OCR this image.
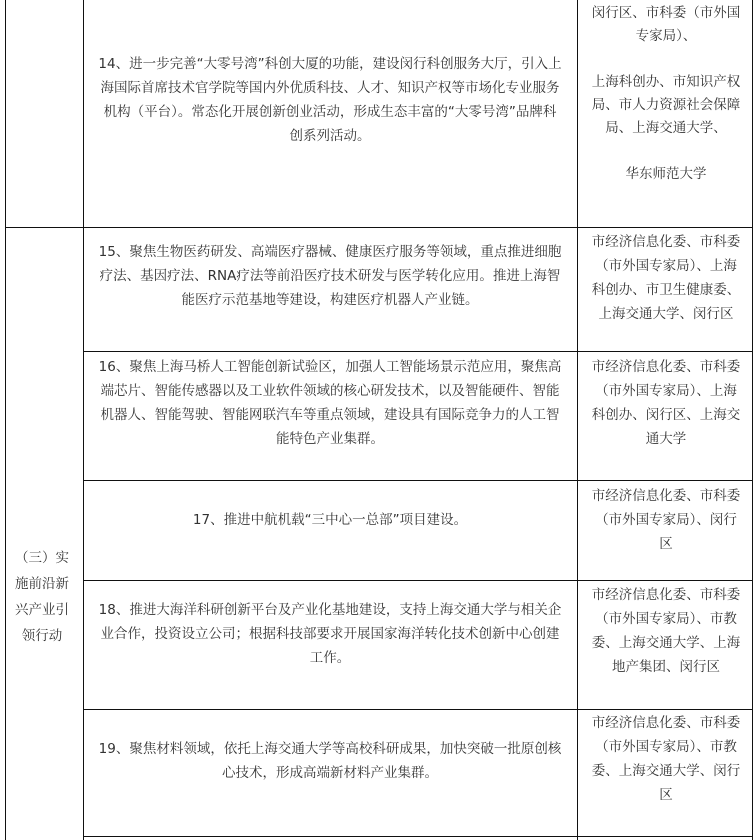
（三）实
施前沿新
兴产业引
领行动
14、进一步完善“大零号湾”科创大厦的功能，建设闵行科创服务大厅，引入上
海国际首席技术官学院等国内外优质科技、人才、知识产权等市场化专业服务
机构（平台）。常态化开展创新创业活动，形成生态丰富的“大零号湾”品牌科
创系列活动。
闵行区、市科委（市外国
专家局）、
上海科创办、市知识产权
局、市人力资源社会保障
局、上海交通大学、
华东师范大学
15、聚焦生物医药研发、高端医疗器械、健康医疗服务等领域，重点推进细胞
疗法、基因疗法、RNA疗法等前沿医疗技术研发与医学转化应用。推进上海智
能医疗示范基地等建设，构建医疗机器人产业链。
市经济信息化委、市科委
（市外国专家局）、上海
科创办、市卫生健康委、
上海交通大学、闵行区
16、聚焦上海马桥人工智能创新试验区，加强人工智能场景示范应用，聚焦高
端芯片、智能传感器以及工业软件领域的核心研发技术，以及智能硬件、智能
机器人、智能驾驶、智能网联汽车等重点领域，建设具有国际竞争力的人工智
能特色产业集群。
市经济信息化委、市科委
（市外国专家局）、上海
科创办、闵行区、上海交
通大学
17、推进中航机载“三中心一总部”项目建设。
市经济信息化委、市科委
（市外国专家局）、闵行
区
18、推进大海洋科研创新平台及产业化基地建设，支持上海交通大学与相关企
业合作，投资设立公司；根据科技部要求开展国家海洋转化技术创新中心创建
工作。
市经济信息化委、市科委
（市外国专家局）、市教
委、上海交通大学、上海
地产集团、闵行区
19、聚焦材料领域，依托上海交通大学等高校科研成果，加快突破一批原创核
心技术，形成高端新材料产业集群。
市经济信息化委、市科委
（市外国专家局）、市教
委、上海交通大学、闵行
区
